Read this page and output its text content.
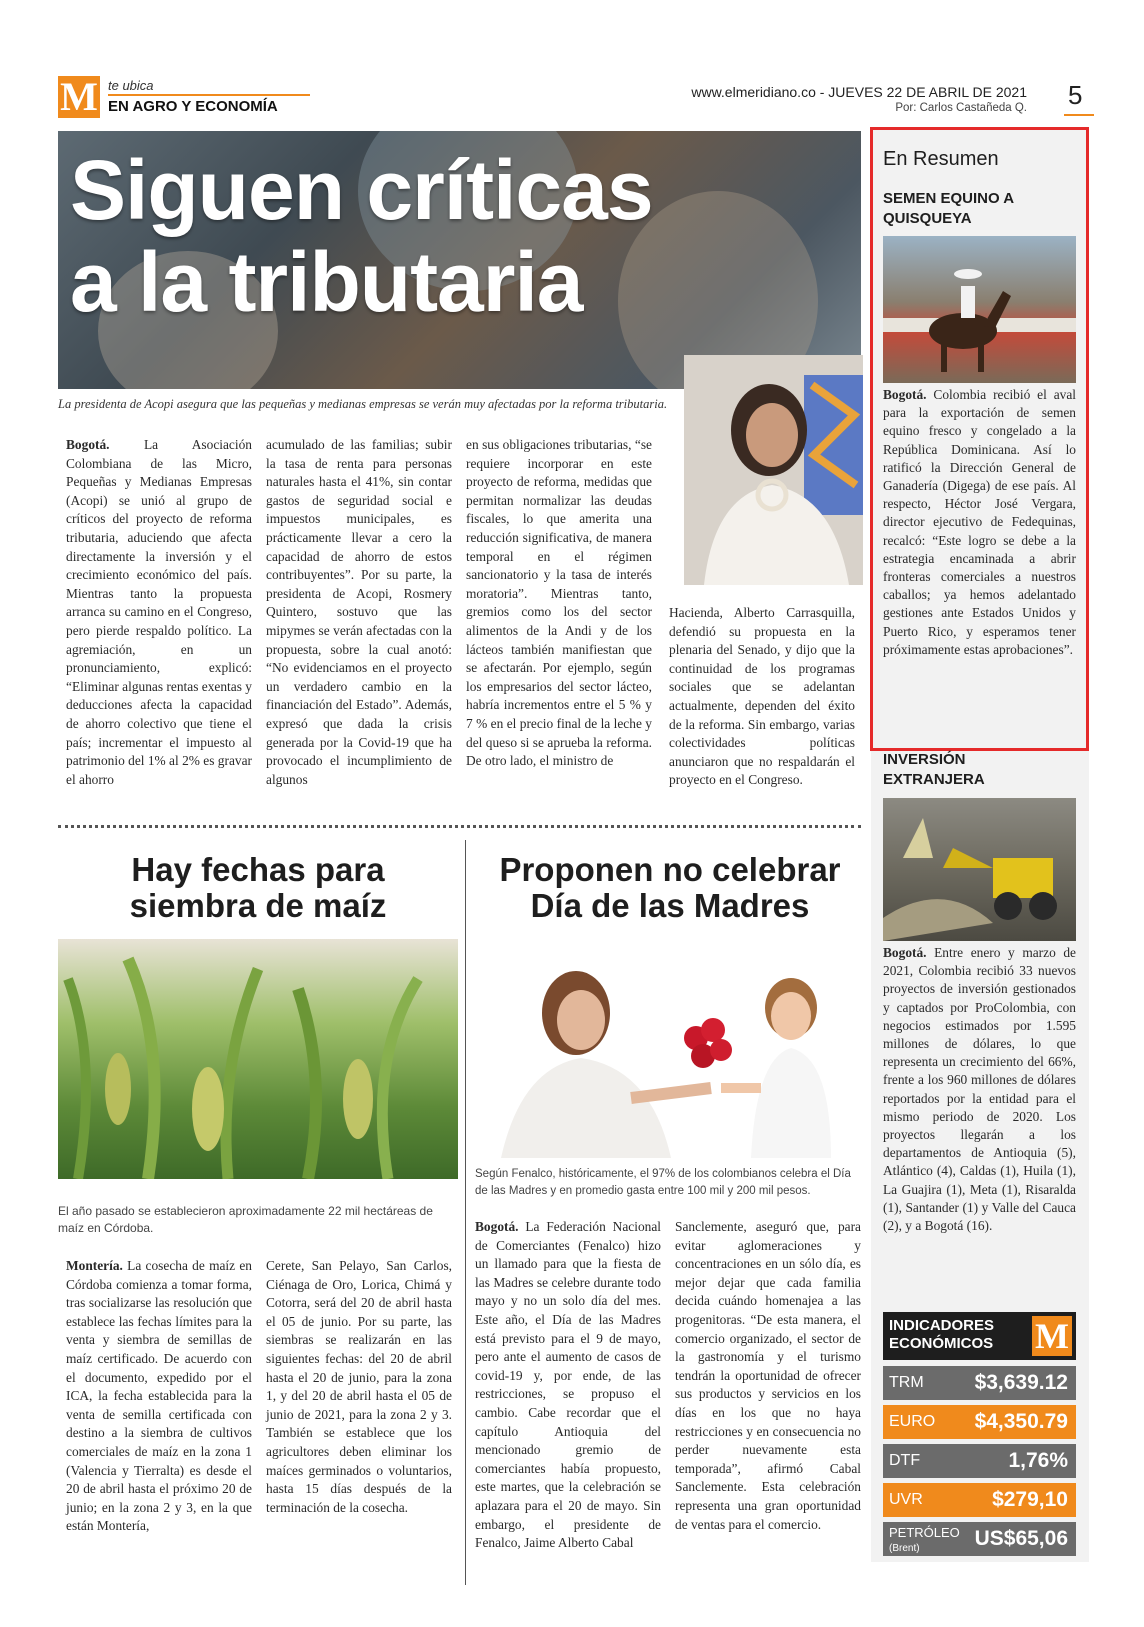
M te ubica
EN AGRO Y ECONOMÍA
www.elmeridiano.co - JUEVES 22 DE ABRIL DE 2021
Por: Carlos Castañeda Q. 5
Siguen críticas
a la tributaria
La presidenta de Acopi asegura que las pequeñas y medianas empresas se verán muy afectadas por la reforma tributaria.
Bogotá. La Asociación Colombiana de las Micro, Pequeñas y Medianas Empresas (Acopi) se unió al grupo de críticos del proyecto de reforma tributaria, aduciendo que afecta directamente la inversión y el crecimiento económico del país. Mientras tanto la propuesta arranca su camino en el Congreso, pero pierde respaldo político. La agremiación, en un pronunciamiento, explicó: “Eliminar algunas rentas exentas y deducciones afecta la capacidad de ahorro colectivo que tiene el país; incrementar el impuesto al patrimonio del 1% al 2% es gravar el ahorro
acumulado de las familias; subir la tasa de renta para personas naturales hasta el 41%, sin contar gastos de seguridad social e impuestos municipales, es prácticamente llevar a cero la capacidad de ahorro de estos contribuyentes”. Por su parte, la presidenta de Acopi, Rosmery Quintero, sostuvo que las mipymes se verán afectadas con la propuesta, sobre la cual anotó: “No evidenciamos en el proyecto un verdadero cambio en la financiación del Estado”. Además, expresó que dada la crisis generada por la Covid-19 que ha provocado el incumplimiento de algunos
en sus obligaciones tributarias, “se requiere incorporar en este proyecto de reforma, medidas que permitan normalizar las deudas fiscales, lo que amerita una reducción significativa, de manera temporal en el régimen sancionatorio y la tasa de interés moratoria”. Mientras tanto, gremios como los del sector alimentos de la Andi y de los lácteos también manifiestan que se afectarán. Por ejemplo, según los empresarios del sector lácteo, habría incrementos entre el 5 % y 7 % en el precio final de la leche y del queso si se aprueba la reforma. De otro lado, el ministro de
Hacienda, Alberto Carrasquilla, defendió su propuesta en la plenaria del Senado, y dijo que la continuidad de los programas sociales que se adelantan actualmente, dependen del éxito de la reforma. Sin embargo, varias colectividades políticas anunciaron que no respaldarán el proyecto en el Congreso.
Hay fechas para
siembra de maíz
El año pasado se establecieron aproximadamente 22 mil hectáreas de maíz en Córdoba.
Montería. La cosecha de maíz en Córdoba comienza a tomar forma, tras socializarse las resolución que establece las fechas límites para la venta y siembra de semillas de maíz certificado. De acuerdo con el documento, expedido por el ICA, la fecha establecida para la venta de semilla certificada con destino a la siembra de cultivos comerciales de maíz en la zona 1 (Valencia y Tierralta) es desde el 20 de abril hasta el próximo 20 de junio; en la zona 2 y 3, en la que están Montería,
Cerete, San Pelayo, San Carlos, Ciénaga de Oro, Lorica, Chimá y Cotorra, será del 20 de abril hasta el 05 de junio. Por su parte, las siembras se realizarán en las siguientes fechas: del 20 de abril hasta el 20 de junio, para la zona 1, y del 20 de abril hasta el 05 de junio de 2021, para la zona 2 y 3. También se establece que los agricultores deben eliminar los maíces germinados o voluntarios, hasta 15 días después de la terminación de la cosecha.
Proponen no celebrar
Día de las Madres
Según Fenalco, históricamente, el 97% de los colombianos celebra el Día de las Madres y en promedio gasta entre 100 mil y 200 mil pesos.
Bogotá. La Federación Nacional de Comerciantes (Fenalco) hizo un llamado para que la fiesta de las Madres se celebre durante todo mayo y no un solo día del mes. Este año, el Día de las Madres está previsto para el 9 de mayo, pero ante el aumento de casos de covid-19 y, por ende, de las restricciones, se propuso el cambio. Cabe recordar que el capítulo Antioquia del mencionado gremio de comerciantes había propuesto, este martes, que la celebración se aplazara para el 20 de mayo. Sin embargo, el presidente de Fenalco, Jaime Alberto Cabal
Sanclemente, aseguró que, para evitar aglomeraciones y concentraciones en un sólo día, es mejor dejar que cada familia decida cuándo homenajea a las progenitoras. “De esta manera, el comercio organizado, el sector de la gastronomía y el turismo tendrán la oportunidad de ofrecer sus productos y servicios en los días en los que no haya restricciones y en consecuencia no perder nuevamente esta temporada”, afirmó Cabal Sanclemente. Esta celebración representa una gran oportunidad de ventas para el comercio.
En Resumen
SEMEN EQUINO A QUISQUEYA
Bogotá. Colombia recibió el aval para la exportación de semen equino fresco y congelado a la República Dominicana. Así lo ratificó la Dirección General de Ganadería (Digega) de ese país. Al respecto, Héctor José Vergara, director ejecutivo de Fedequinas, recalcó: “Este logro se debe a la estrategia encaminada a abrir fronteras comerciales a nuestros caballos; ya hemos adelantado gestiones ante Estados Unidos y Puerto Rico, y esperamos tener próximamente estas aprobaciones”.
INVERSIÓN EXTRANJERA
Bogotá. Entre enero y marzo de 2021, Colombia recibió 33 nuevos proyectos de inversión gestionados y captados por ProColombia, con negocios estimados por 1.595 millones de dólares, lo que representa un crecimiento del 66%, frente a los 960 millones de dólares reportados por la entidad para el mismo periodo de 2020. Los proyectos llegarán a los departamentos de Antioquia (5), Atlántico (4), Caldas (1), Huila (1), La Guajira (1), Meta (1), Risaralda (1), Santander (1) y Valle del Cauca (2), y a Bogotá (16).
INDICADORES
ECONÓMICOS M
TRM $3,639.12
EURO $4,350.79
DTF	1,76%
UVR	$279,10
PETRÓLEO
(Brent)	US$65,06
